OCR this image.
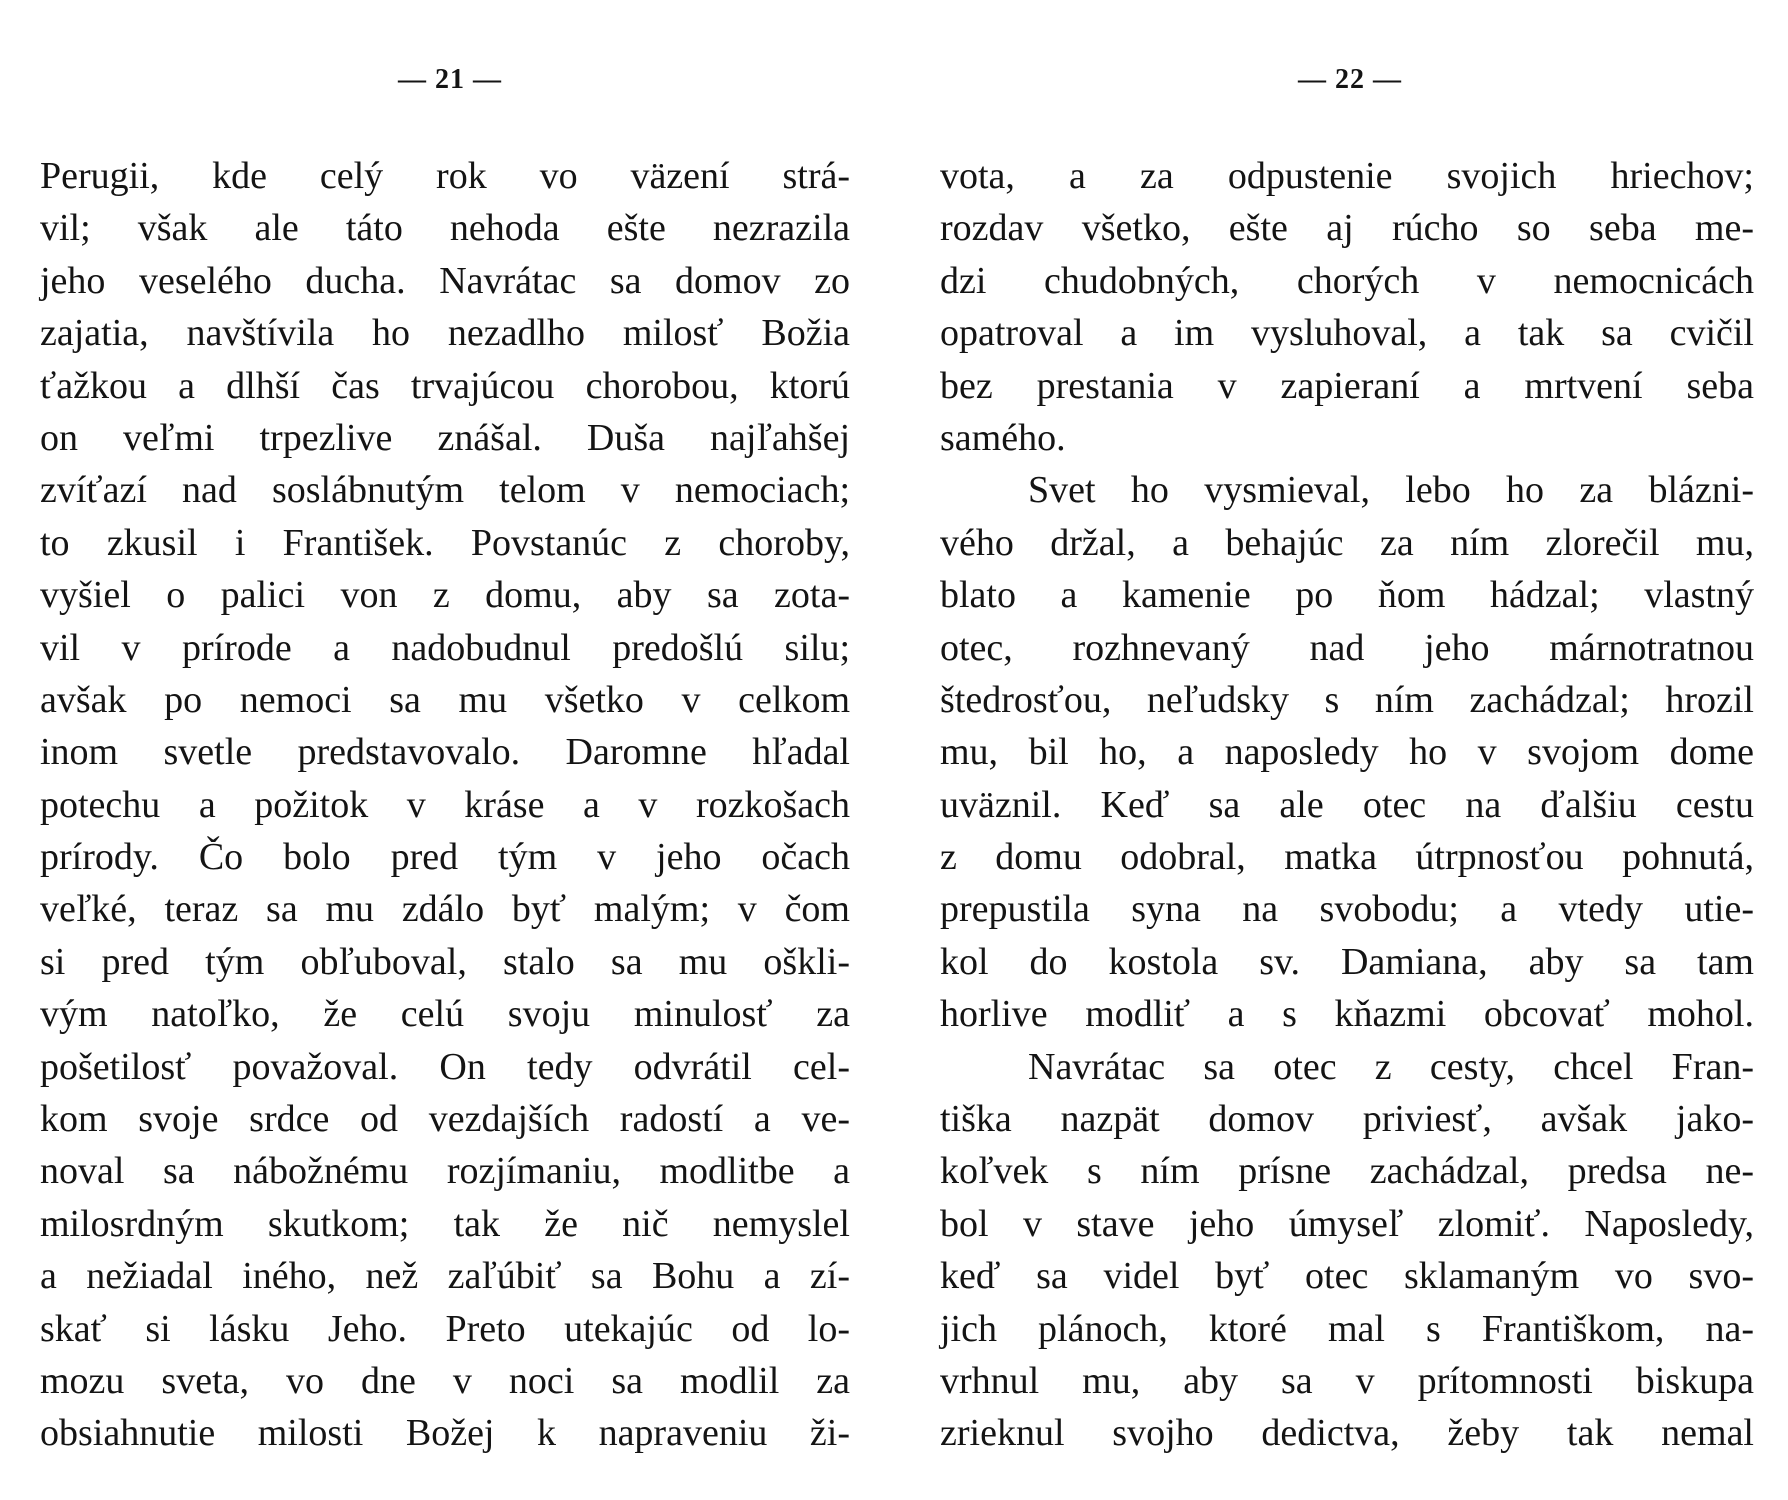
— 21 —
Perugii, kde celý rok vo väzení strá-
vil; však ale táto nehoda ešte nezrazila
jeho veselého ducha. Navrátac sa domov zo
zajatia, navštívila ho nezadlho milosť Božia
ťažkou a dlhší čas trvajúcou chorobou, ktorú
on veľmi trpezlive znášal. Duša najľahšej
zvíťazí nad soslábnutým telom v nemociach;
to zkusil i František. Povstanúc z choroby,
vyšiel o palici von z domu, aby sa zota-
vil v prírode a nadobudnul predošlú silu;
avšak po nemoci sa mu všetko v celkom
inom svetle predstavovalo. Daromne hľadal
potechu a požitok v kráse a v rozkošach
prírody. Čo bolo pred tým v jeho očach
veľké, teraz sa mu zdálo byť malým; v čom
si pred tým obľuboval, stalo sa mu oškli-
vým natoľko, že celú svoju minulosť za
pošetilosť považoval. On tedy odvrátil cel-
kom svoje srdce od vezdajších radostí a ve-
noval sa nábožnému rozjímaniu, modlitbe a
milosrdným skutkom; tak že nič nemyslel
a nežiadal iného, než zaľúbiť sa Bohu a zí-
skať si lásku Jeho. Preto utekajúc od lo-
mozu sveta, vo dne v noci sa modlil za
obsiahnutie milosti Božej k napraveniu ži-
— 22 —
vota, a za odpustenie svojich hriechov;
rozdav všetko, ešte aj rúcho so seba me-
dzi chudobných, chorých v nemocnicách
opatroval a im vysluhoval, a tak sa cvičil
bez prestania v zapieraní a mrtvení seba
samého.
Svet ho vysmieval, lebo ho za blázni-
vého držal, a behajúc za ním zlorečil mu,
blato a kamenie po ňom hádzal; vlastný
otec, rozhnevaný nad jeho márnotratnou
štedrosťou, neľudsky s ním zachádzal; hrozil
mu, bil ho, a naposledy ho v svojom dome
uväznil. Keď sa ale otec na ďalšiu cestu
z domu odobral, matka útrpnosťou pohnutá,
prepustila syna na svobodu; a vtedy utie-
kol do kostola sv. Damiana, aby sa tam
horlive modliť a s kňazmi obcovať mohol.
Navrátac sa otec z cesty, chcel Fran-
tiška nazpät domov priviesť, avšak jako-
koľvek s ním prísne zachádzal, predsa ne-
bol v stave jeho úmyseľ zlomiť. Naposledy,
keď sa videl byť otec sklamaným vo svo-
jich plánoch, ktoré mal s Františkom, na-
vrhnul mu, aby sa v prítomnosti biskupa
zrieknul svojho dedictva, žeby tak nemal
